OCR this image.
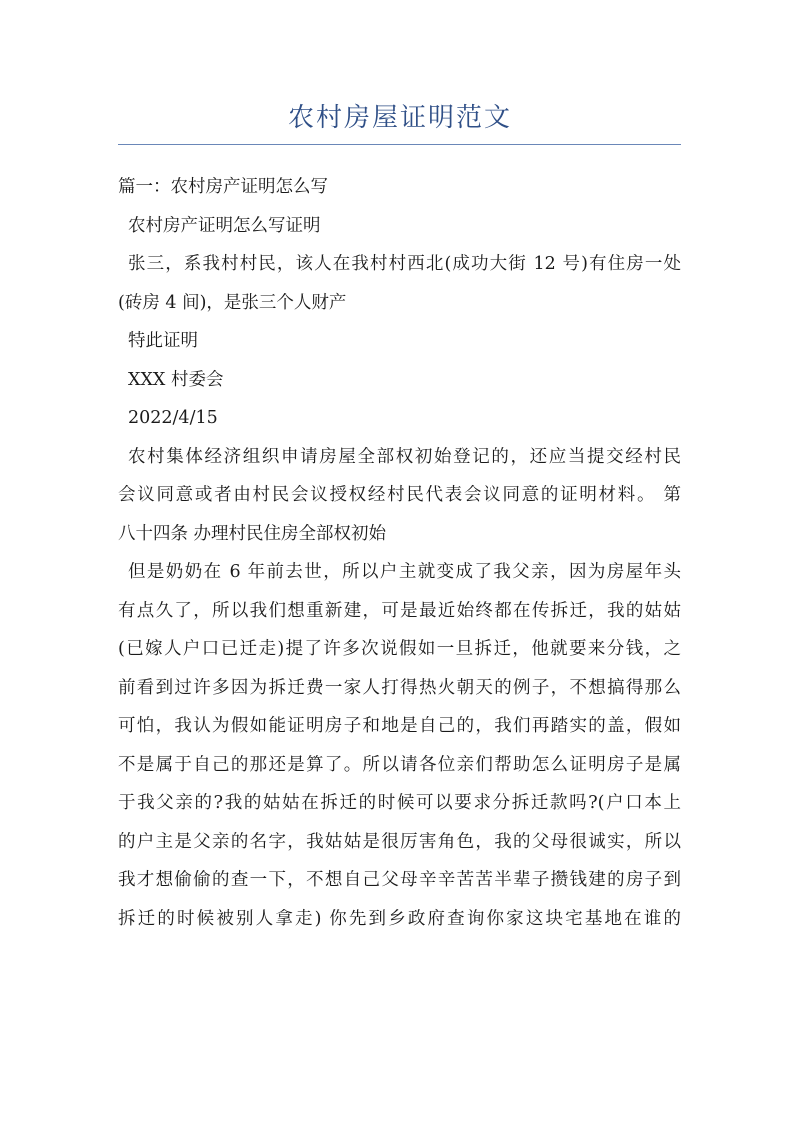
农村房屋证明范文
篇一：农村房产证明怎么写
农村房产证明怎么写证明
张三，系我村村民，该人在我村村西北(成功大街 12 号)有住房一处
(砖房 4 间)，是张三个人财产
特此证明
XXX 村委会
2022/4/15
农村集体经济组织申请房屋全部权初始登记的，还应当提交经村民
会议同意或者由村民会议授权经村民代表会议同意的证明材料。 第
八十四条 办理村民住房全部权初始
但是奶奶在 6 年前去世，所以户主就变成了我父亲，因为房屋年头
有点久了，所以我们想重新建，可是最近始终都在传拆迁，我的姑姑
(已嫁人户口已迁走)提了许多次说假如一旦拆迁，他就要来分钱，之
前看到过许多因为拆迁费一家人打得热火朝天的例子，不想搞得那么
可怕，我认为假如能证明房子和地是自己的，我们再踏实的盖，假如
不是属于自己的那还是算了。所以请各位亲们帮助怎么证明房子是属
于我父亲的?我的姑姑在拆迁的时候可以要求分拆迁款吗?(户口本上
的户主是父亲的名字，我姑姑是很厉害角色，我的父母很诚实，所以
我才想偷偷的查一下，不想自己父母辛辛苦苦半辈子攒钱建的房子到
拆迁的时候被别人拿走) 你先到乡政府查询你家这块宅基地在谁的
